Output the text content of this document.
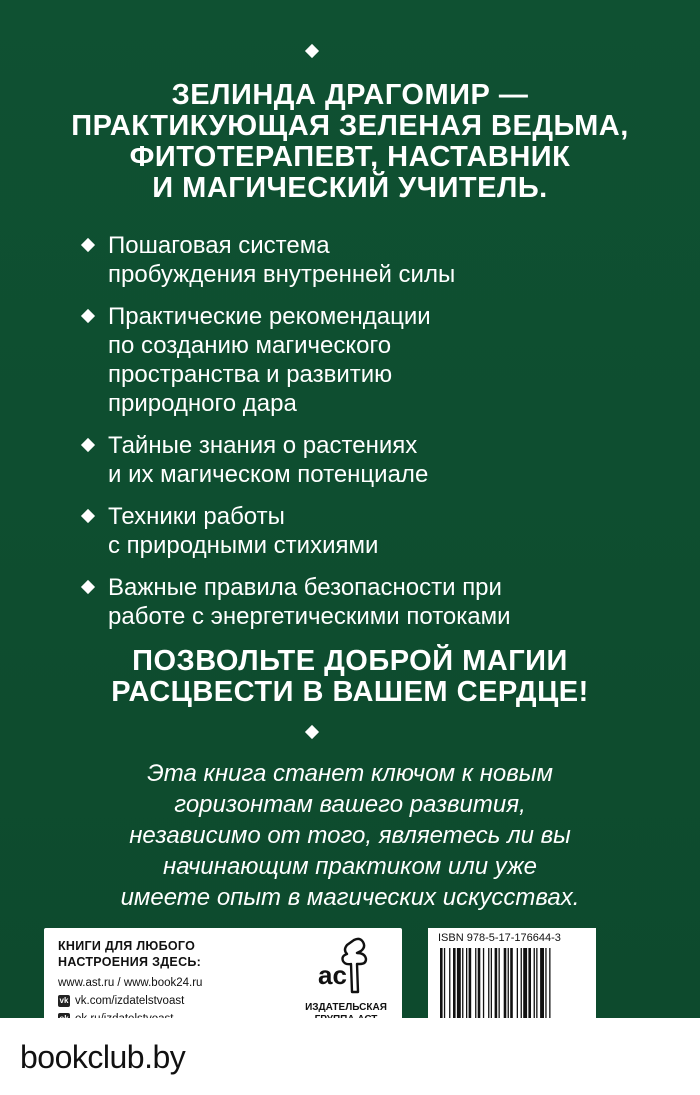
ЗЕЛИНДА ДРАГОМИР —
ПРАКТИКУЮЩАЯ ЗЕЛЕНАЯ ВЕДЬМА,
ФИТОТЕРАПЕВТ, НАСТАВНИК
И МАГИЧЕСКИЙ УЧИТЕЛЬ.
Пошаговая система
пробуждения внутренней силы
Практические рекомендации
по созданию магического
пространства и развитию
природного дара
Тайные знания о растениях
и их магическом потенциале
Техники работы
с природными стихиями
Важные правила безопасности при
работе с энергетическими потоками
ПОЗВОЛЬТЕ ДОБРОЙ МАГИИ
РАСЦВЕСТИ В ВАШЕМ СЕРДЦЕ!

Эта книга станет ключом к новым
горизонтам вашего развития,
независимо от того, являетесь ли вы
начинающим практиком или уже
имеете опыт в магических искусствах.

КНИГИ ДЛЯ ЛЮБОГО
НАСТРОЕНИЯ ЗДЕСЬ:
www.ast.ru / www.book24.ru
vk vk.com/izdatelstvoast
ac
ИЗДАТЕЛЬСКАЯ
ISBN 978-5-17-176644-3
bookclub.by
